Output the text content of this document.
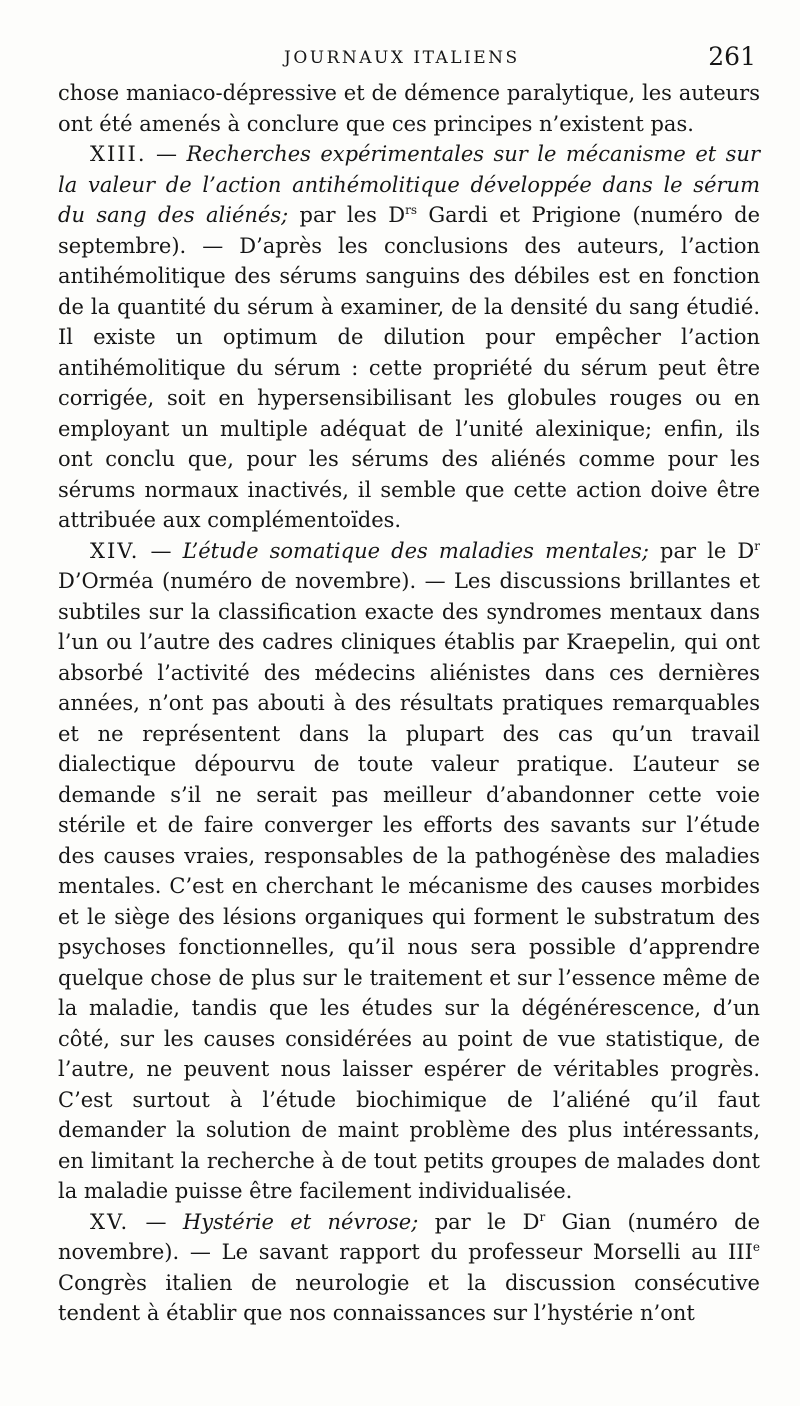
JOURNAUX ITALIENS	261

chose maniaco-dépressive et de démence paralytique, les auteurs ont été amenés à conclure que ces principes n’existent pas.

XIII. — Recherches expérimentales sur le mécanisme et sur la valeur de l’action antihémolitique développée dans le sérum du sang des aliénés; par les $D^{rs}$ Gardi et Prigione (numéro de septembre). — D’après les conclusions des auteurs, l’action antihémolitique des sérums sanguins des débiles est en fonction de la quantité du sérum à examiner, de la densité du sang étudié. Il existe un optimum de dilution pour empêcher l’action antihémolitique du sérum : cette propriété du sérum peut être corrigée, soit en hypersensibilisant les globules rouges ou en employant un multiple adéquat de l’unité alexinique; enfin, ils ont conclu que, pour les sérums des aliénés comme pour les sérums normaux inactivés, il semble que cette action doive être attribuée aux complémentoïdes.

XIV. — L’étude somatique des maladies mentales; par le $D^r$ D’Orméa (numéro de novembre). — Les discussions brillantes et subtiles sur la classification exacte des syndromes mentaux dans l’un ou l’autre des cadres cliniques établis par Kraepelin, qui ont absorbé l’activité des médecins aliénistes dans ces dernières années, n’ont pas abouti à des résultats pratiques remarquables et ne représentent dans la plupart des cas qu’un travail dialectique dépourvu de toute valeur pratique. L’auteur se demande s’il ne serait pas meilleur d’abandonner cette voie stérile et de faire converger les efforts des savants sur l’étude des causes vraies, responsables de la pathogénèse des maladies mentales. C’est en cherchant le mécanisme des causes morbides et le siège des lésions organiques qui forment le substratum des psychoses fonctionnelles, qu’il nous sera possible d’apprendre quelque chose de plus sur le traitement et sur l’essence même de la maladie, tandis que les études sur la dégénérescence, d’un côté, sur les causes considérées au point de vue statistique, de l’autre, ne peuvent nous laisser espérer de véritables progrès. C’est surtout à l’étude biochimique de l’aliéné qu’il faut demander la solution de maint problème des plus intéressants, en limitant la recherche à de tout petits groupes de malades dont la maladie puisse être facilement individualisée.

XV. — Hystérie et névrose; par le $D^r$ Gian (numéro de novembre). — Le savant rapport du professeur Morselli au IIIe Congrès italien de neurologie et la discussion consécutive tendent à établir que nos connaissances sur l’hystérie n’ont
